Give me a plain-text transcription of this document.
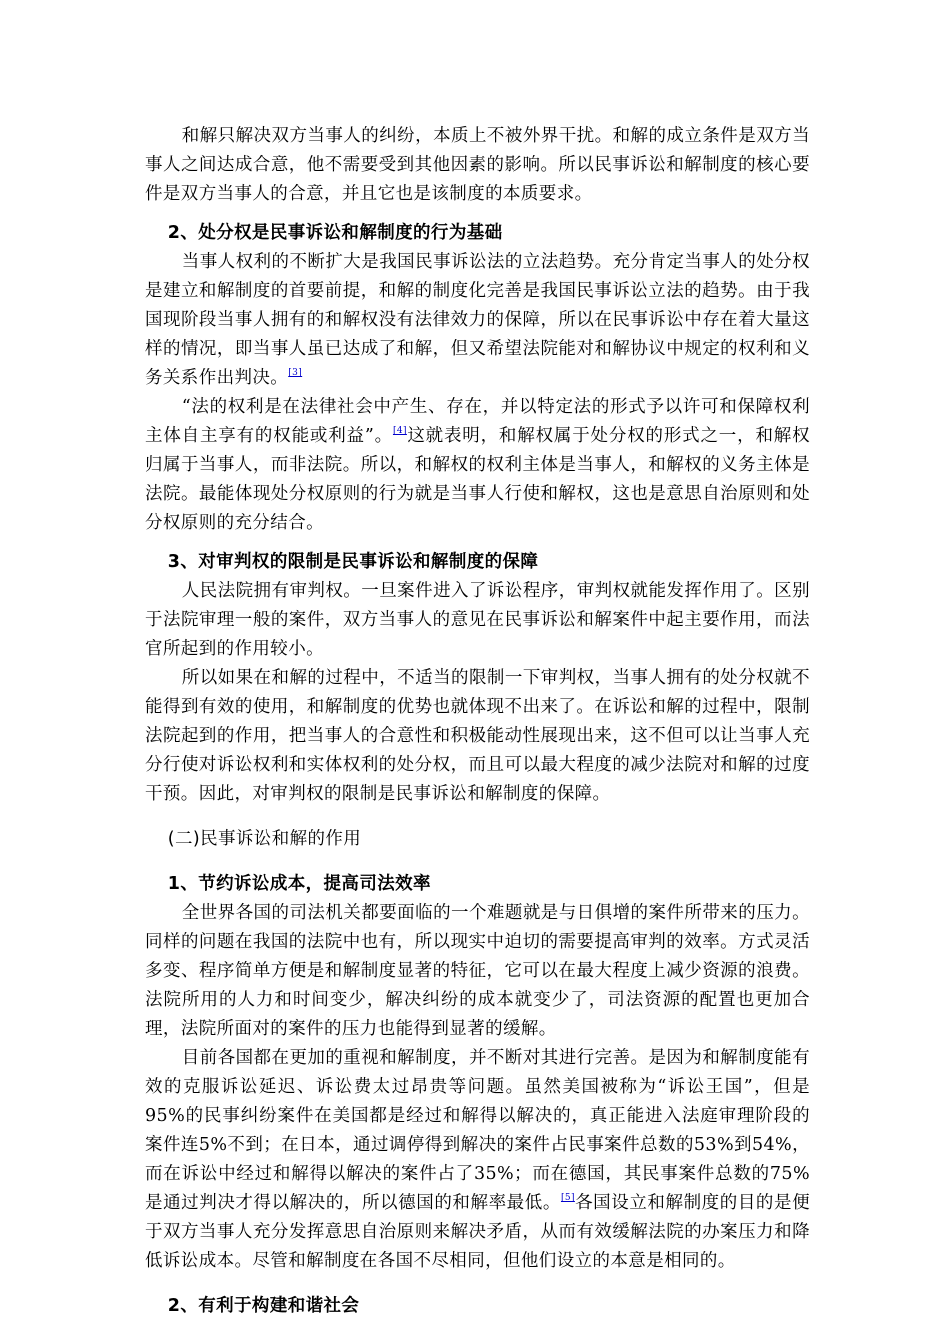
和解只解决双方当事人的纠纷，本质上不被外界干扰。和解的成立条件是双方当事人之间达成合意，他不需要受到其他因素的影响。所以民事诉讼和解制度的核心要件是双方当事人的合意，并且它也是该制度的本质要求。

2、处分权是民事诉讼和解制度的行为基础

当事人权利的不断扩大是我国民事诉讼法的立法趋势。充分肯定当事人的处分权是建立和解制度的首要前提，和解的制度化完善是我国民事诉讼立法的趋势。由于我国现阶段当事人拥有的和解权没有法律效力的保障，所以在民事诉讼中存在着大量这样的情况，即当事人虽已达成了和解，但又希望法院能对和解协议中规定的权利和义务关系作出判决。[3]

“法的权利是在法律社会中产生、存在，并以特定法的形式予以许可和保障权利主体自主享有的权能或利益”。[4]这就表明，和解权属于处分权的形式之一，和解权归属于当事人，而非法院。所以，和解权的权利主体是当事人，和解权的义务主体是法院。最能体现处分权原则的行为就是当事人行使和解权，这也是意思自治原则和处分权原则的充分结合。

3、对审判权的限制是民事诉讼和解制度的保障

人民法院拥有审判权。一旦案件进入了诉讼程序，审判权就能发挥作用了。区别于法院审理一般的案件，双方当事人的意见在民事诉讼和解案件中起主要作用，而法官所起到的作用较小。

所以如果在和解的过程中，不适当的限制一下审判权，当事人拥有的处分权就不能得到有效的使用，和解制度的优势也就体现不出来了。在诉讼和解的过程中，限制法院起到的作用，把当事人的合意性和积极能动性展现出来，这不但可以让当事人充分行使对诉讼权利和实体权利的处分权，而且可以最大程度的减少法院对和解的过度干预。因此，对审判权的限制是民事诉讼和解制度的保障。

(二)民事诉讼和解的作用
1、节约诉讼成本，提高司法效率

全世界各国的司法机关都要面临的一个难题就是与日俱增的案件所带来的压力。同样的问题在我国的法院中也有，所以现实中迫切的需要提高审判的效率。方式灵活多变、程序简单方便是和解制度显著的特征，它可以在最大程度上减少资源的浪费。法院所用的人力和时间变少，解决纠纷的成本就变少了，司法资源的配置也更加合理，法院所面对的案件的压力也能得到显著的缓解。

目前各国都在更加的重视和解制度，并不断对其进行完善。是因为和解制度能有效的克服诉讼延迟、诉讼费太过昂贵等问题。虽然美国被称为“诉讼王国”，但是95%的民事纠纷案件在美国都是经过和解得以解决的，真正能进入法庭审理阶段的案件连5%不到；在日本，通过调停得到解决的案件占民事案件总数的53%到54%，而在诉讼中经过和解得以解决的案件占了35%；而在德国，其民事案件总数的75%是通过判决才得以解决的，所以德国的和解率最低。[5]各国设立和解制度的目的是便于双方当事人充分发挥意思自治原则来解决矛盾，从而有效缓解法院的办案压力和降低诉讼成本。尽管和解制度在各国不尽相同，但他们设立的本意是相同的。

2、有利于构建和谐社会
